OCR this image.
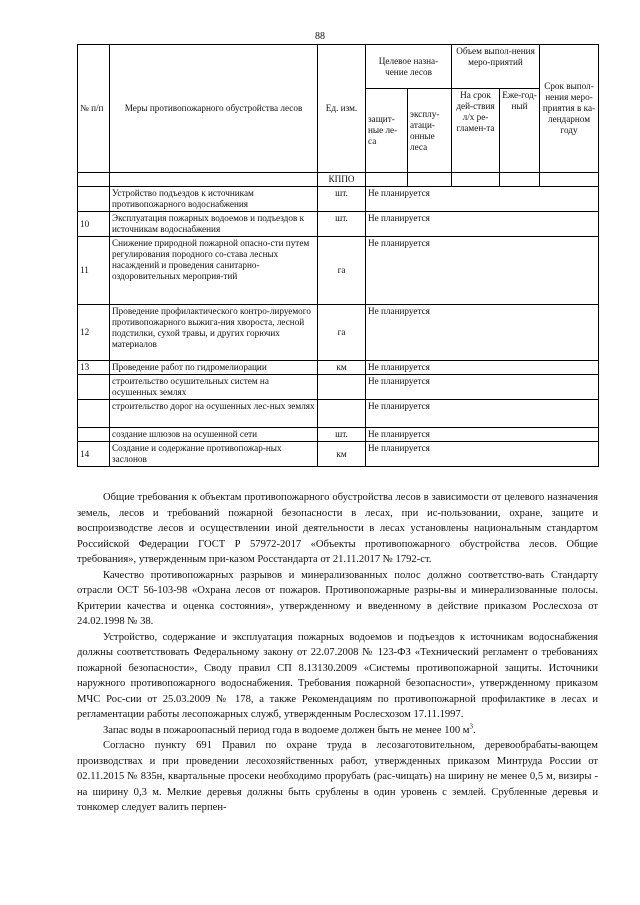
88
№ п/п	Меры противопожарного обустройства лесов	Ед. изм.	Целевое назна-чение лесов		Объем выпол-нения меро-приятий		Срок выпол-нения меро-приятия в ка-лендарном году
			защит-ные ле-са	эксплу-атаци-онные леса	На срок дей-ствия л/х ре-гламен-та	Еже-год-ный	
		КППО					
	Устройство подъездов к источникам противопожарного водоснабжения	шт.	Не планируется				
10	Эксплуатация пожарных водоемов и подъездов к источникам водоснабжения	шт.	Не планируется				
11	Снижение природной пожарной опасно-сти путем регулирования породного со-става лесных насаждений и проведения санитарно-оздоровительных мероприя-тий	га	Не планируется				
12	Проведение профилактического контро-лируемого противопожарного выжига-ния хвороста, лесной подстилки, сухой травы, и других горючих материалов	га	Не планируется				
13	Проведение работ по гидромелиорации	км	Не планируется				
	строительство осушительных систем на осушенных землях		Не планируется				
	строительство дорог на осушенных лес-ных землях		Не планируется				
	создание шлюзов на осушенной сети	шт.	Не планируется				
14	Создание и содержание противопожар-ных заслонов	км	Не планируется				

Общие требования к объектам противопожарного обустройства лесов в зависимости от целевого назначения земель, лесов и требований пожарной безопасности в лесах, при ис-пользовании, охране, защите и воспроизводстве лесов и осуществлении иной деятельности в лесах установлены национальным стандартом Российской Федерации ГОСТ Р 57972-2017 «Объекты противопожарного обустройства лесов. Общие требования», утвержденным при-казом Росстандарта от 21.11.2017 № 1792-ст.

Качество противопожарных разрывов и минерализованных полос должно соответство-вать Стандарту отрасли ОСТ 56-103-98 «Охрана лесов от пожаров. Противопожарные разры-вы и минерализованные полосы. Критерии качества и оценка состояния», утвержденному и введенному в действие приказом Рослесхоза от 24.02.1998 № 38.

Устройство, содержание и эксплуатация пожарных водоемов и подъездов к источникам водоснабжения должны соответствовать Федеральному закону от 22.07.2008 № 123-ФЗ «Технический регламент о требованиях пожарной безопасности», Своду правил СП 8.13130.2009 «Системы противопожарной защиты. Источники наружного противопожарного водоснабжения. Требования пожарной безопасности», утвержденному приказом МЧС Рос-сии от 25.03.2009 № 178, а также Рекомендациям по противопожарной профилактике в лесах и регламентации работы лесопожарных служб, утвержденным Рослесхозом 17.11.1997.

Запас воды в пожароопасный период года в водоеме должен быть не менее 100 $м^3$.

Согласно пункту 691 Правил по охране труда в лесозаготовительном, деревообрабаты-вающем производствах и при проведении лесохозяйственных работ, утвержденных приказом Минтруда России от 02.11.2015 № 835н, квартальные просеки необходимо прорубать (рас-чищать) на ширину не менее 0,5 м, визиры - на ширину 0,3 м. Мелкие деревья должны быть срублены в один уровень с землей. Срубленные деревья и тонкомер следует валить перпен-
